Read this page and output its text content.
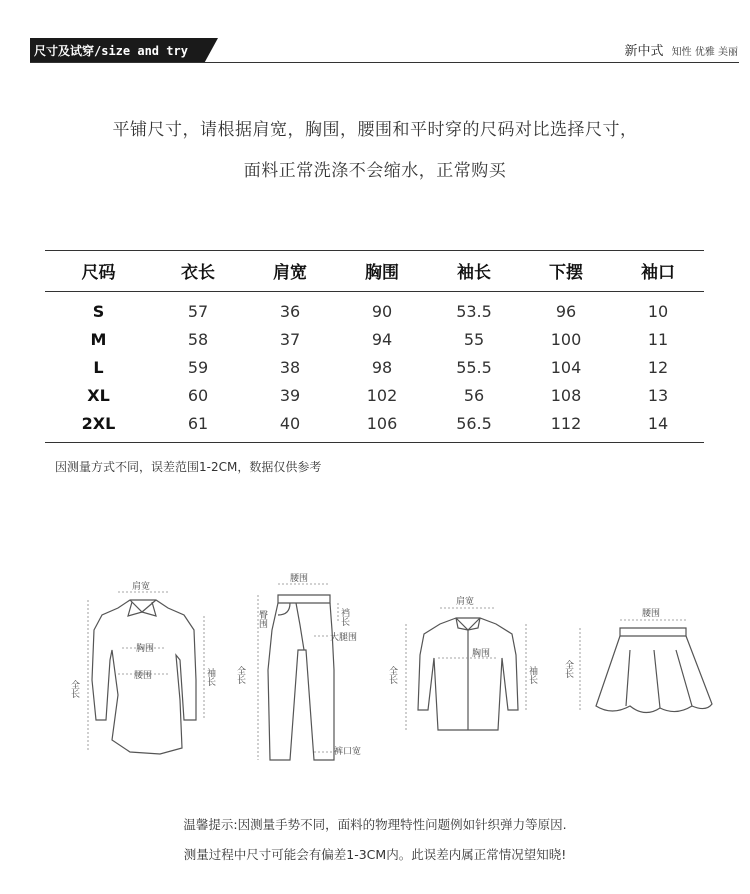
尺寸及试穿/size and try	新中式 知性 优雅 美丽
平铺尺寸，请根据肩宽，胸围，腰围和平时穿的尺码对比选择尺寸，
面料正常洗涤不会缩水，正常购买
尺码	衣长	肩宽	胸围	袖长	下摆	袖口
S	57	36	90	53.5	96	10
M	58	37	94	55	100	11
L	59	38	98	55.5	104	12
XL	60	39	102	56	108	13
2XL	61	40	106	56.5	112	14
因测量方式不同，误差范围1-2CM，数据仅供参考
肩宽
胸围
腰围
全长
袖长
腰围
臀围	裆长
大腿围
全长
裤口宽
肩宽
胸围
全长	袖长
腰围
全长
温馨提示:因测量手势不同，面料的物理特性问题例如针织弹力等原因.
测量过程中尺寸可能会有偏差1-3CM内。此误差内属正常情况望知晓!
